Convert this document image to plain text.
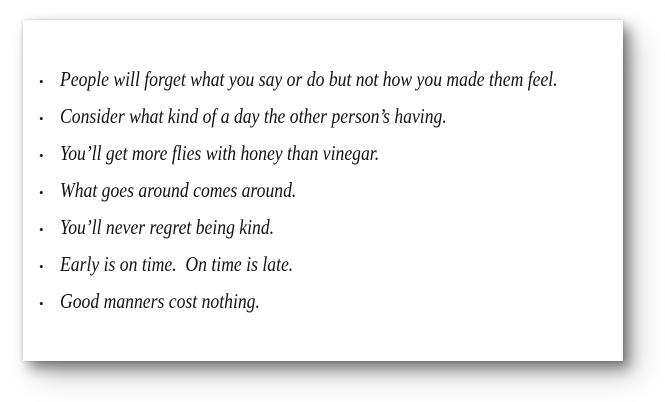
• People will forget what you say or do but not how you made them feel.
• Consider what kind of a day the other person’s having.
• You’ll get more flies with honey than vinegar.
• What goes around comes around.
• You’ll never regret being kind.
• Early is on time.  On time is late.
• Good manners cost nothing.
